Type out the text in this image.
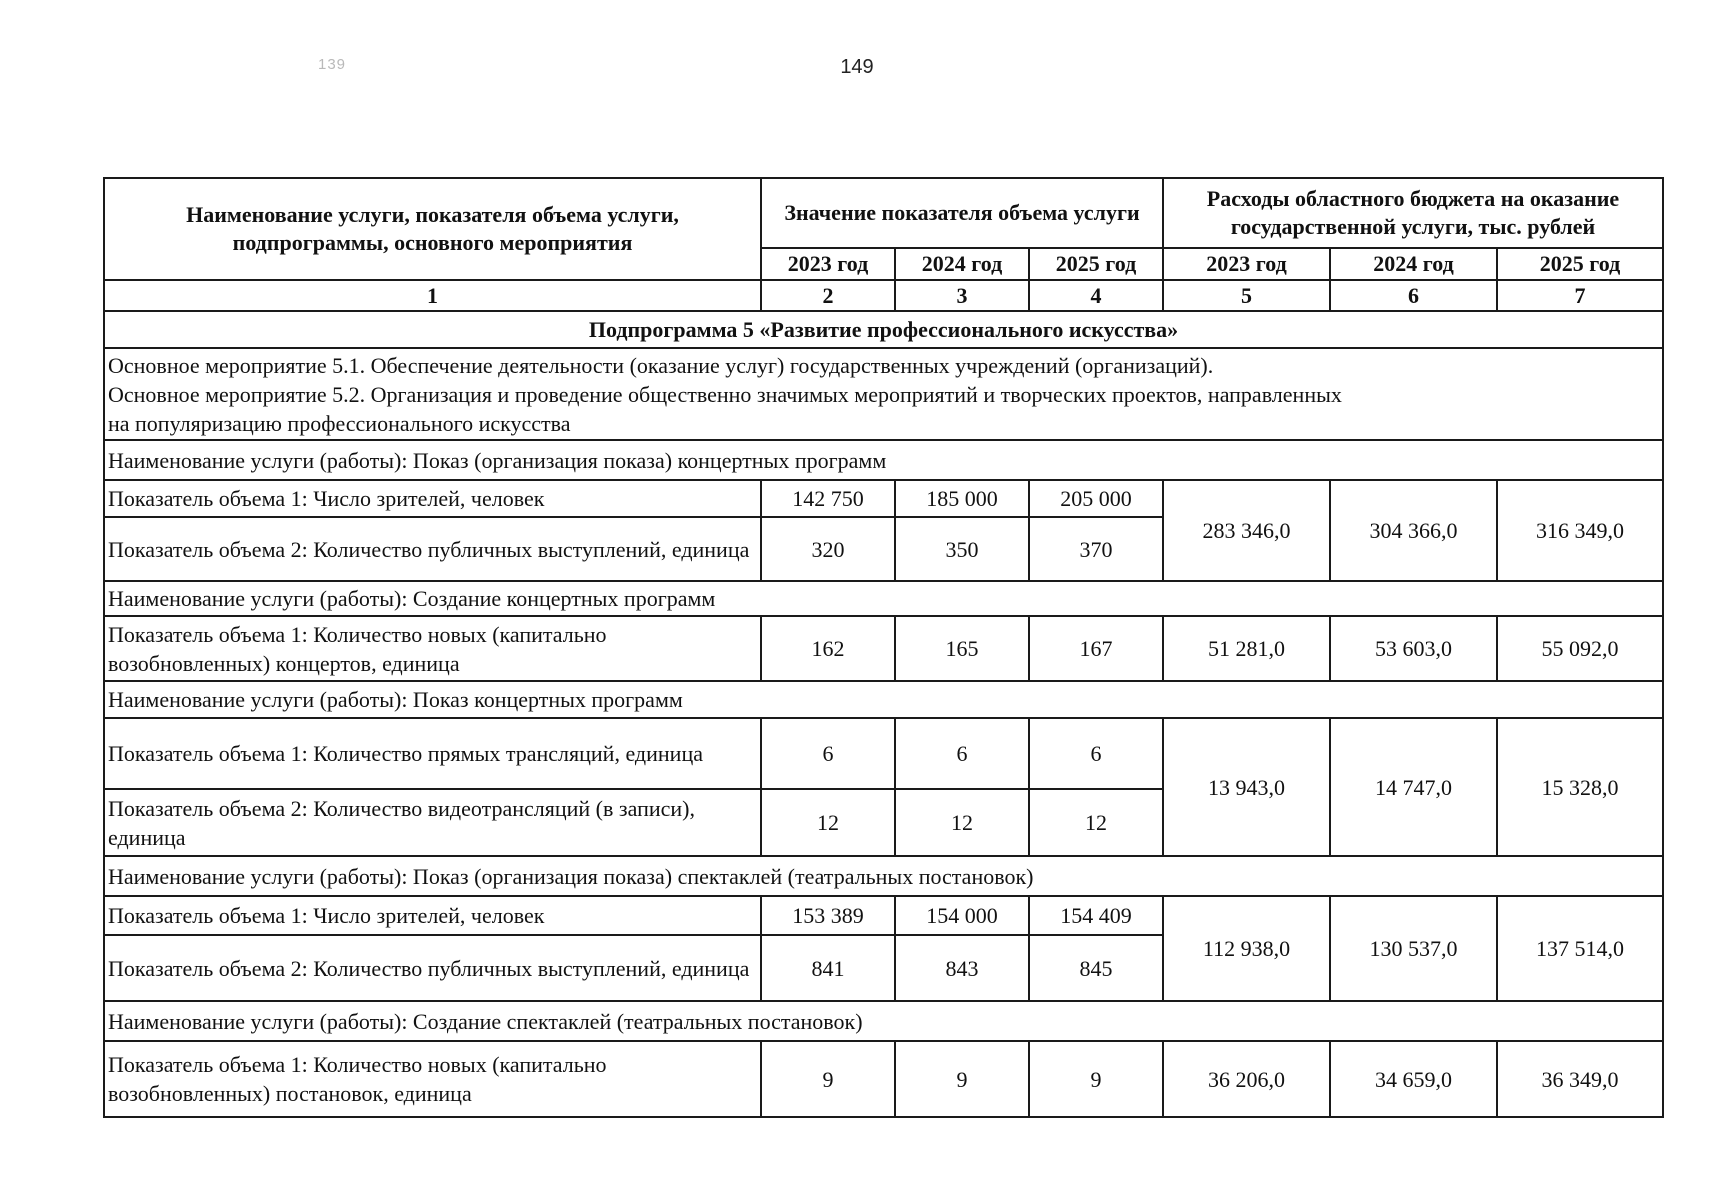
139	149
Наименование услуги, показателя объема услуги, подпрограммы, основного мероприятия	Значение показателя объема услуги			Расходы областного бюджета на оказание государственной услуги, тыс. рублей		
	2023 год	2024 год	2025 год	2023 год	2024 год	2025 год
1	2	3	4	5	6	7
Подпрограмма 5 «Развитие профессионального искусства»						

Основное мероприятие 5.1. Обеспечение деятельности (оказание услуг) государственных учреждений (организаций).
Основное мероприятие 5.2. Организация и проведение общественно значимых мероприятий и творческих проектов, направленных
на популяризацию профессионального искусства						

Наименование услуги (работы): Показ (организация показа) концертных программ						
Показатель объема 1: Число зрителей, человек	142 750	185 000	205 000	283 346,0	304 366,0	316 349,0
Показатель объема 2: Количество публичных выступлений, единица	320	350	370			
Наименование услуги (работы): Создание концертных программ						
Показатель объема 1: Количество новых (капитально возобновленных) концертов, единица	162	165	167	51 281,0	53 603,0	55 092,0
Наименование услуги (работы): Показ концертных программ						
Показатель объема 1: Количество прямых трансляций, единица	6	6	6	13 943,0	14 747,0	15 328,0
Показатель объема 2: Количество видеотрансляций (в записи), единица	12	12	12			
Наименование услуги (работы): Показ (организация показа) спектаклей (театральных постановок)						
Показатель объема 1: Число зрителей, человек	153 389	154 000	154 409	112 938,0	130 537,0	137 514,0
Показатель объема 2: Количество публичных выступлений, единица	841	843	845			
Наименование услуги (работы): Создание спектаклей (театральных постановок)						
Показатель объема 1: Количество новых (капитально возобновленных) постановок, единица	9	9	9	36 206,0	34 659,0	36 349,0
